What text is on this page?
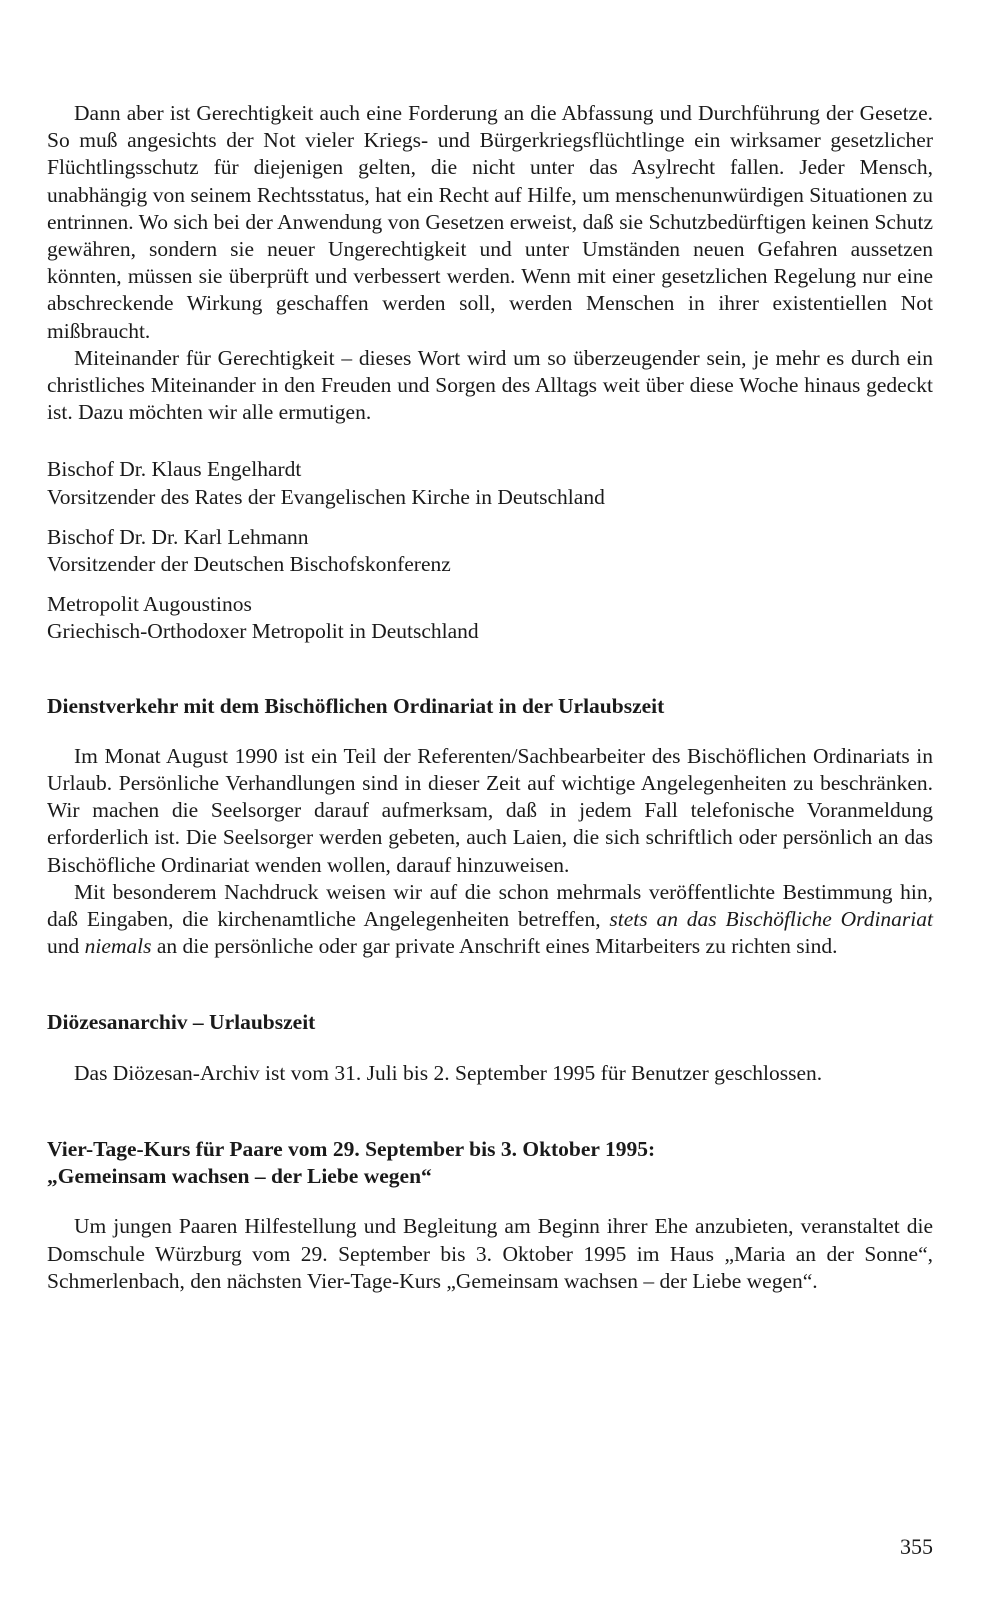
Dann aber ist Gerechtigkeit auch eine Forderung an die Abfassung und Durchführung der Gesetze. So muß angesichts der Not vieler Kriegs- und Bürgerkriegsflüchtlinge ein wirksamer gesetzlicher Flüchtlingsschutz für diejenigen gelten, die nicht unter das Asylrecht fallen. Jeder Mensch, unabhängig von seinem Rechtsstatus, hat ein Recht auf Hilfe, um menschenunwürdigen Situationen zu entrinnen. Wo sich bei der Anwendung von Gesetzen erweist, daß sie Schutzbedürftigen keinen Schutz gewähren, sondern sie neuer Ungerechtigkeit und unter Umständen neuen Gefahren aussetzen könnten, müssen sie überprüft und verbessert werden. Wenn mit einer gesetzlichen Regelung nur eine abschreckende Wirkung geschaffen werden soll, werden Menschen in ihrer existentiellen Not mißbraucht.

Miteinander für Gerechtigkeit – dieses Wort wird um so überzeugender sein, je mehr es durch ein christliches Miteinander in den Freuden und Sorgen des Alltags weit über diese Woche hinaus gedeckt ist. Dazu möchten wir alle ermutigen.

Bischof Dr. Klaus Engelhardt

Vorsitzender des Rates der Evangelischen Kirche in Deutschland

Bischof Dr. Dr. Karl Lehmann

Vorsitzender der Deutschen Bischofskonferenz

Metropolit Augoustinos

Griechisch-Orthodoxer Metropolit in Deutschland

Dienstverkehr mit dem Bischöflichen Ordinariat in der Urlaubszeit

Im Monat August 1990 ist ein Teil der Referenten/Sachbearbeiter des Bischöflichen Ordinariats in Urlaub. Persönliche Verhandlungen sind in dieser Zeit auf wichtige Angelegenheiten zu beschränken. Wir machen die Seelsorger darauf aufmerksam, daß in jedem Fall telefonische Voranmeldung erforderlich ist. Die Seelsorger werden gebeten, auch Laien, die sich schriftlich oder persönlich an das Bischöfliche Ordinariat wenden wollen, darauf hinzuweisen.

Mit besonderem Nachdruck weisen wir auf die schon mehrmals veröffentlichte Bestimmung hin, daß Eingaben, die kirchenamtliche Angelegenheiten betreffen, stets an das Bischöfliche Ordinariat und niemals an die persönliche oder gar private Anschrift eines Mitarbeiters zu richten sind.

Diözesanarchiv – Urlaubszeit

Das Diözesan-Archiv ist vom 31. Juli bis 2. September 1995 für Benutzer geschlossen.

Vier-Tage-Kurs für Paare vom 29. September bis 3. Oktober 1995:
„Gemeinsam wachsen – der Liebe wegen“

Um jungen Paaren Hilfestellung und Begleitung am Beginn ihrer Ehe anzubieten, veranstaltet die Domschule Würzburg vom 29. September bis 3. Oktober 1995 im Haus „Maria an der Sonne“, Schmerlenbach, den nächsten Vier-Tage-Kurs „Gemeinsam wachsen – der Liebe wegen“.

355
